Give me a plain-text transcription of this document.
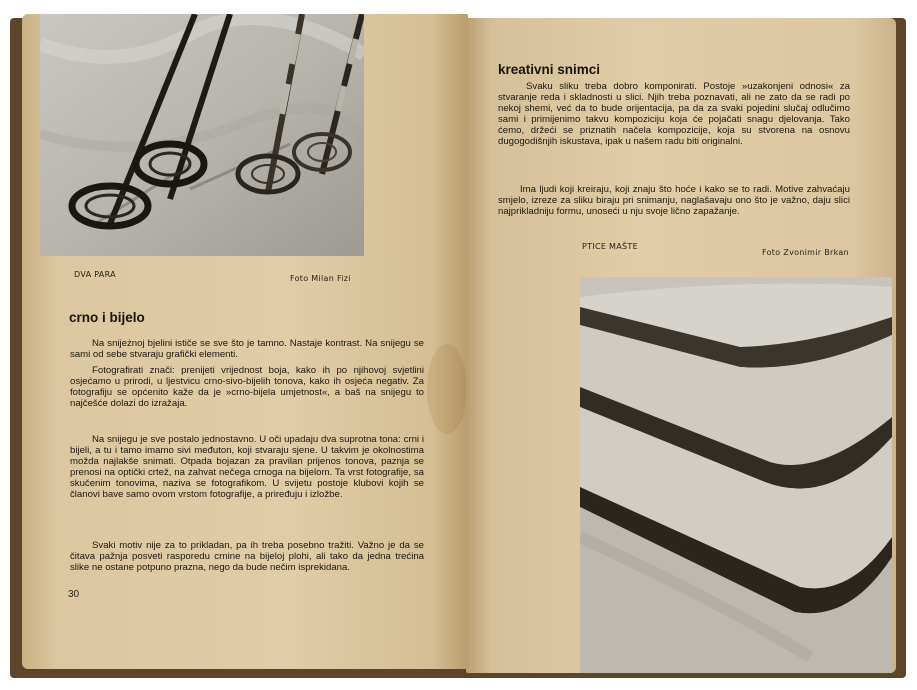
DVA PARA	Foto Milan Fizi
crno i bijelo

Na snijeżnoj bjelini ističe se sve što je tamno. Nastaje kontrast. Na snijegu se sami od sebe stvaraju grafički elementi.

Fotografirati znači: prenijeti vrijednost boja, kako ih po njihovoj svjetlini osjećamo u prirodi, u ljestvicu crno-sivo-bijelih tonova, kako ih osjeća negativ. Za fotografiju se općenito kaže da je »crno-bijela umjetnost«, a baš na snijegu to najčešće dolazi do izražaja.

Na snijegu je sve postalo jednostavno. U oči upadaju dva suprotna tona: crni i bijeli, a tu i tamo imamo sivi međuton, koji stvaraju sjene. U takvim je okolnostima možda najlakše snimati. Otpada bojazan za pravilan prijenos tonova, paznja se prenosi na optički crtež, na zahvat nečega crnoga na bijelom. Ta vrst fotografije, sa skučenim tonovima, naziva se fotografikom. U svijetu postoje klubovi kojih se članovi bave samo ovom vrstom fotografije, a priređuju i izložbe.

Svaki motiv nije za to prikladan, pa ih treba posebno tražiti. Važno je da se čitava pažnja posveti rasporedu crnine na bijeloj plohi, ali tako da jedna trećina slike ne ostane potpuno prazna, nego da bude nečim isprekidana.

30
kreativni snimci

Svaku sliku treba dobro komponirati. Postoje »uzakonjeni odnosi« za stvaranje reda i skladnosti u slici. Njih treba poznavati, ali ne zato da se radi po nekoj shemi, već da to bude orijentacija, pa da za svaki pojedini slučaj odlučimo sami i primijenimo takvu kompoziciju koja će pojačati snagu djelovanja. Tako ćemo, držeći se priznatih načela kompozicije, koja su stvorena na osnovu dugogodišnjih iskustava, ipak u našem radu biti originalni.

Ima ljudi koji kreiraju, koji znaju što hoće i kako se to radi. Motive zahvaćaju smjelo, izreze za sliku biraju pri snimanju, naglašavaju ono što je važno, daju slici najprikladniju formu, unoseći u nju svoje lično zapažanje.

PTICE MAŠTE
Foto Zvonimir Brkan
